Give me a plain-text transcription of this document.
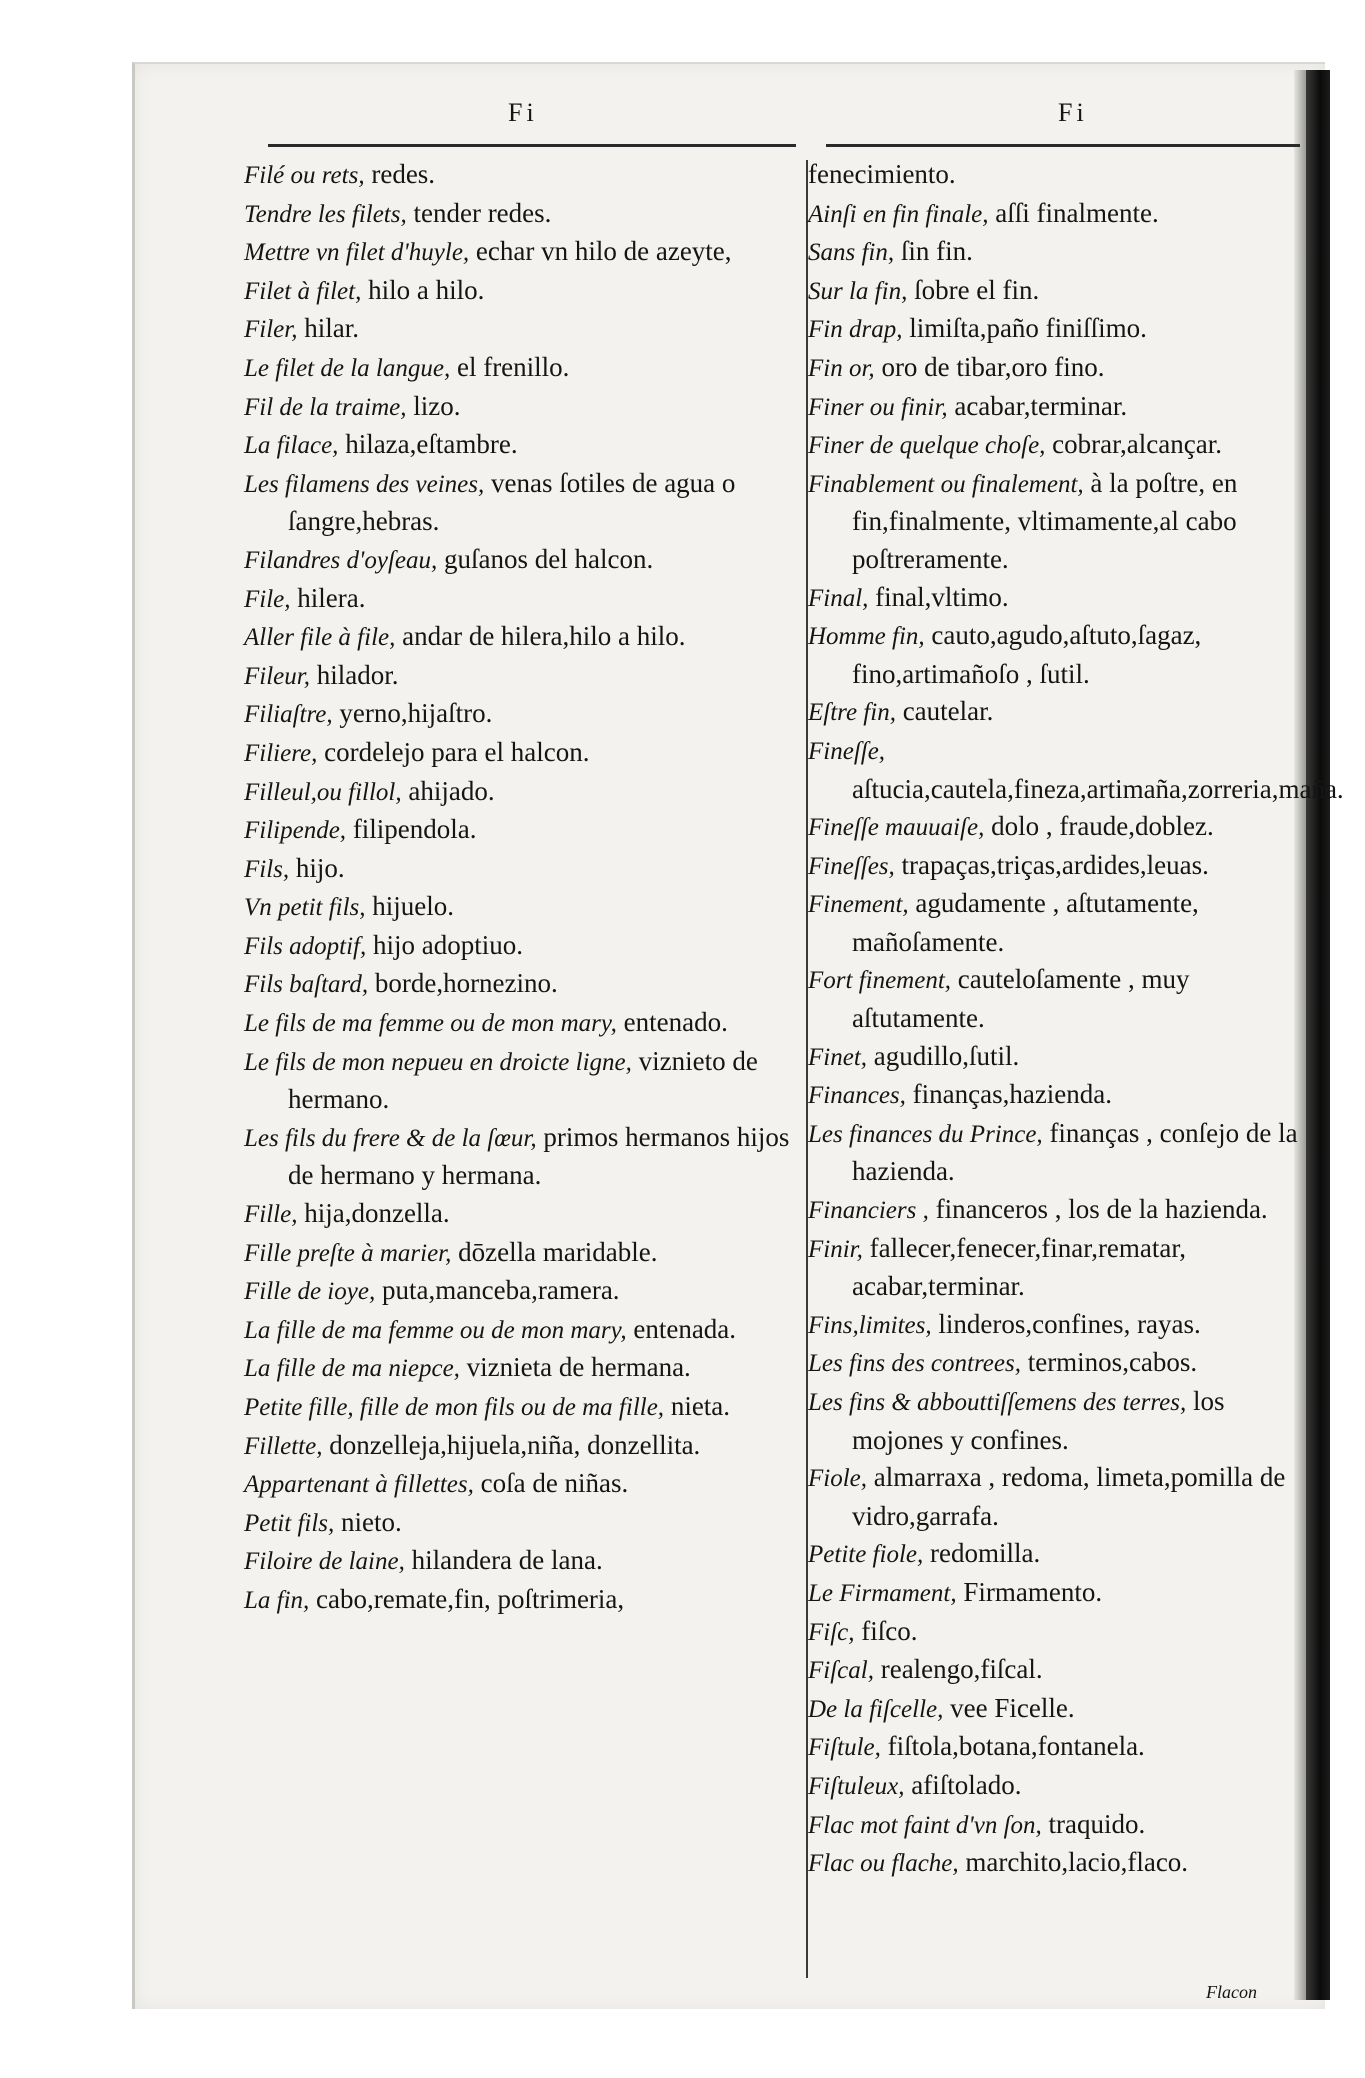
Fi	Fi
Filé ou rets, redes.
Tendre les filets, tender redes.
Mettre vn filet d'huyle, echar vn hilo de azeyte,
Filet à filet, hilo a hilo.
Filer, hilar.
Le filet de la langue, el frenillo.
Fil de la traime, lizo.
La filace, hilaza,eſtambre.
Les filamens des veines, venas ſotiles de agua o ſangre,hebras.
Filandres d'oyſeau, guſanos del halcon.
File, hilera.
Aller file à file, andar de hilera,hilo a hilo.
Fileur, hilador.
Filiaſtre, yerno,hijaſtro.
Filiere, cordelejo para el halcon.
Filleul,ou fillol, ahijado.
Filipende, filipendola.
Fils, hijo.
Vn petit fils, hijuelo.
Fils adoptif, hijo adoptiuo.
Fils baſtard, borde,hornezino.
Le fils de ma femme ou de mon mary, entenado.
Le fils de mon nepueu en droicte ligne, viznieto de hermano.
Les fils du frere & de la ſœur, primos hermanos hijos de hermano y hermana.
Fille, hija,donzella.
Fille preſte à marier, dōzella maridable.
Fille de ioye, puta,manceba,ramera.
La fille de ma femme ou de mon mary, entenada.
La fille de ma niepce, viznieta de hermana.
Petite fille, fille de mon fils ou de ma fille, nieta.
Fillette, donzelleja,hijuela,niña, donzellita.
Appartenant à fillettes, coſa de niñas.
Petit fils, nieto.
Filoire de laine, hilandera de lana.
La fin, cabo,remate,fin, poſtrimeria,
fenecimiento.
Ainſi en fin finale, aſſi finalmente.
Sans fin, ſin fin.
Sur la fin, ſobre el fin.
Fin drap, limiſta,paño finiſſimo.
Fin or, oro de tibar,oro fino.
Finer ou finir, acabar,terminar.
Finer de quelque choſe, cobrar,alcançar.
Finablement ou finalement, à la poſtre, en fin,finalmente, vltimamente,al cabo poſtreramente.
Final, final,vltimo.
Homme fin, cauto,agudo,aſtuto,ſagaz, fino,artimañoſo , ſutil.
Eſtre fin, cautelar.
Fineſſe, aſtucia,cautela,fineza,artimaña,zorreria,maña.
Fineſſe mauuaiſe, dolo , fraude,doblez.
Fineſſes, trapaças,triças,ardides,leuas.
Finement, agudamente , aſtutamente, mañoſamente.
Fort finement, cauteloſamente , muy aſtutamente.
Finet, agudillo,ſutil.
Finances, finanças,hazienda.
Les finances du Prince, finanças , conſejo de la hazienda.
Financiers , financeros , los de la hazienda.
Finir, fallecer,fenecer,finar,rematar, acabar,terminar.
Fins,limites, linderos,confines, rayas.
Les fins des contrees, terminos,cabos.
Les fins & abbouttiſſemens des terres, los mojones y confines.
Fiole, almarraxa , redoma, limeta,pomilla de vidro,garrafa.
Petite fiole, redomilla.
Le Firmament, Firmamento.
Fiſc, fiſco.
Fiſcal, realengo,fiſcal.
De la fiſcelle, vee Ficelle.
Fiſtule, fiſtola,botana,fontanela.
Fiſtuleux, afiſtolado.
Flac mot faint d'vn ſon, traquido.
Flac ou flache, marchito,lacio,flaco.
Flacon
